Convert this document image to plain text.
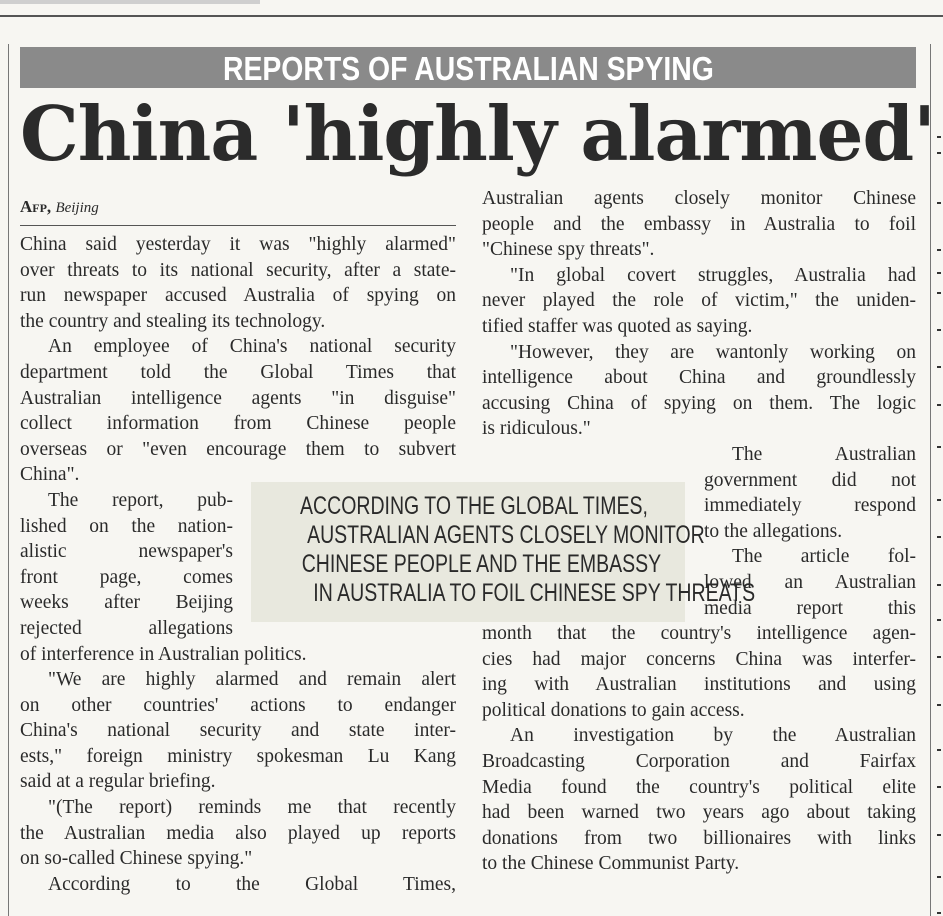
REPORTS OF AUSTRALIAN SPYING
China 'highly alarmed'
Afp, Beijing
China said yesterday it was "highly alarmed"
over threats to its national security, after a state-
run newspaper accused Australia of spying on
the country and stealing its technology.
An employee of China's national security
department told the Global Times that
Australian intelligence agents "in disguise"
collect information from Chinese people
overseas or "even encourage them to subvert
China".
The report, pub-
lished on the nation-
alistic newspaper's
front page, comes
weeks after Beijing
rejected allegations
of interference in Australian politics.
"We are highly alarmed and remain alert
on other countries' actions to endanger
China's national security and state inter-
ests," foreign ministry spokesman Lu Kang
said at a regular briefing.
"(The report) reminds me that recently
the Australian media also played up reports
on so-called Chinese spying."
According to the Global Times,
Australian agents closely monitor Chinese
people and the embassy in Australia to foil
"Chinese spy threats".
"In global covert struggles, Australia had
never played the role of victim," the uniden-
tified staffer was quoted as saying.
"However, they are wantonly working on
intelligence about China and groundlessly
accusing China of spying on them. The logic
is ridiculous."
The Australian
government did not
immediately respond
to the allegations.
The article fol-
lowed an Australian
media report this
month that the country's intelligence agen-
cies had major concerns China was interfer-
ing with Australian institutions and using
political donations to gain access.
An investigation by the Australian
Broadcasting Corporation and Fairfax
Media found the country's political elite
had been warned two years ago about taking
donations from two billionaires with links
to the Chinese Communist Party.
ACCORDING TO THE GLOBAL TIMES,
AUSTRALIAN AGENTS CLOSELY MONITOR
CHINESE PEOPLE AND THE EMBASSY
IN AUSTRALIA TO FOIL CHINESE SPY THREATS
